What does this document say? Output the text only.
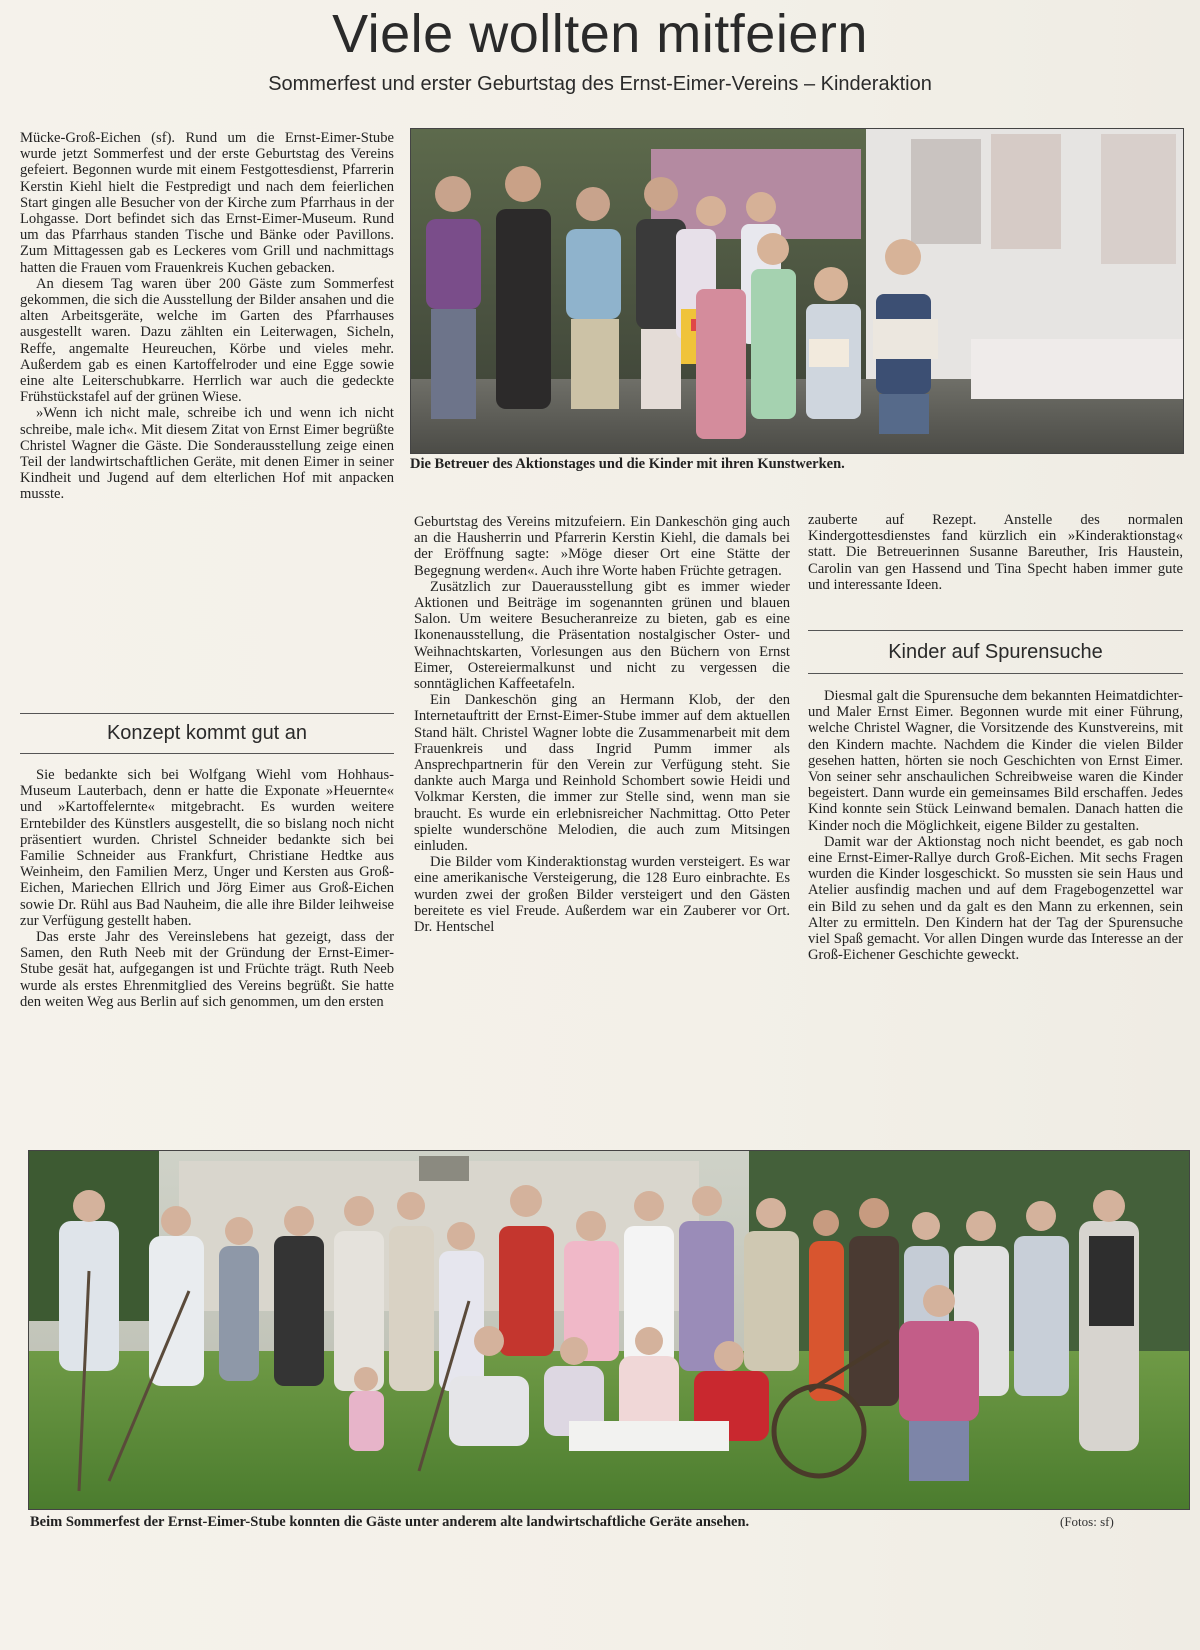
Viele wollten mitfeiern
Sommerfest und erster Geburtstag des Ernst-Eimer-Vereins – Kinderaktion

Mücke-Groß-Eichen (sf). Rund um die Ernst-Eimer-Stube wurde jetzt Sommerfest und der erste Geburtstag des Vereins gefeiert. Begonnen wurde mit einem Festgottesdienst, Pfarrerin Kerstin Kiehl hielt die Festpredigt und nach dem feierlichen Start gingen alle Besucher von der Kirche zum Pfarrhaus in der Lohgasse. Dort befindet sich das Ernst-Eimer-Museum. Rund um das Pfarrhaus standen Tische und Bänke oder Pavillons. Zum Mittagessen gab es Leckeres vom Grill und nachmittags hatten die Frauen vom Frauenkreis Kuchen gebacken.

An diesem Tag waren über 200 Gäste zum Sommerfest gekommen, die sich die Ausstellung der Bilder ansahen und die alten Arbeitsgeräte, welche im Garten des Pfarrhauses ausgestellt waren. Dazu zählten ein Leiterwagen, Sicheln, Reffe, angemalte Heureuchen, Körbe und vieles mehr. Außerdem gab es einen Kartoffelroder und eine Egge sowie eine alte Leiterschubkarre. Herrlich war auch die gedeckte Frühstückstafel auf der grünen Wiese.

»Wenn ich nicht male, schreibe ich und wenn ich nicht schreibe, male ich«. Mit diesem Zitat von Ernst Eimer begrüßte Christel Wagner die Gäste. Die Sonderausstellung zeige einen Teil der landwirtschaftlichen Geräte, mit denen Eimer in seiner Kindheit und Jugend auf dem elterlichen Hof mit anpacken musste.

Konzept kommt gut an

Sie bedankte sich bei Wolfgang Wiehl vom Hohhaus-Museum Lauterbach, denn er hatte die Exponate »Heuernte« und »Kartoffelernte« mitgebracht. Es wurden weitere Erntebilder des Künstlers ausgestellt, die so bislang noch nicht präsentiert wurden. Christel Schneider bedankte sich bei Familie Schneider aus Frankfurt, Christiane Hedtke aus Weinheim, den Familien Merz, Unger und Kersten aus Groß-Eichen, Mariechen Ellrich und Jörg Eimer aus Groß-Eichen sowie Dr. Rühl aus Bad Nauheim, die alle ihre Bilder leihweise zur Verfügung gestellt haben.

Das erste Jahr des Vereinslebens hat gezeigt, dass der Samen, den Ruth Neeb mit der Gründung der Ernst-Eimer-Stube gesät hat, aufgegangen ist und Früchte trägt. Ruth Neeb wurde als erstes Ehrenmitglied des Vereins begrüßt. Sie hatte den weiten Weg aus Berlin auf sich genommen, um den ersten

Die Betreuer des Aktionstages und die Kinder mit ihren Kunstwerken.

Geburtstag des Vereins mitzufeiern. Ein Dankeschön ging auch an die Hausherrin und Pfarrerin Kerstin Kiehl, die damals bei der Eröffnung sagte: »Möge dieser Ort eine Stätte der Begegnung werden«. Auch ihre Worte haben Früchte getragen.

Zusätzlich zur Dauerausstellung gibt es immer wieder Aktionen und Beiträge im sogenannten grünen und blauen Salon. Um weitere Besucheranreize zu bieten, gab es eine Ikonenausstellung, die Präsentation nostalgischer Oster- und Weihnachtskarten, Vorlesungen aus den Büchern von Ernst Eimer, Ostereiermalkunst und nicht zu vergessen die sonntäglichen Kaffeetafeln.

Ein Dankeschön ging an Hermann Klob, der den Internetauftritt der Ernst-Eimer-Stube immer auf dem aktuellen Stand hält. Christel Wagner lobte die Zusammenarbeit mit dem Frauenkreis und dass Ingrid Pumm immer als Ansprechpartnerin für den Verein zur Verfügung steht. Sie dankte auch Marga und Reinhold Schombert sowie Heidi und Volkmar Kersten, die immer zur Stelle sind, wenn man sie braucht. Es wurde ein erlebnisreicher Nachmittag. Otto Peter spielte wunderschöne Melodien, die auch zum Mitsingen einluden.

Die Bilder vom Kinderaktionstag wurden versteigert. Es war eine amerikanische Versteigerung, die 128 Euro einbrachte. Es wurden zwei der großen Bilder versteigert und den Gästen bereitete es viel Freude. Außerdem war ein Zauberer vor Ort. Dr. Hentschel

zauberte auf Rezept. Anstelle des normalen Kindergottesdienstes fand kürzlich ein »Kinderaktionstag« statt. Die Betreuerinnen Susanne Bareuther, Iris Haustein, Carolin van gen Hassend und Tina Specht haben immer gute und interessante Ideen.

Kinder auf Spurensuche

Diesmal galt die Spurensuche dem bekannten Heimatdichter- und Maler Ernst Eimer. Begonnen wurde mit einer Führung, welche Christel Wagner, die Vorsitzende des Kunstvereins, mit den Kindern machte. Nachdem die Kinder die vielen Bilder gesehen hatten, hörten sie noch Geschichten von Ernst Eimer. Von seiner sehr anschaulichen Schreibweise waren die Kinder begeistert. Dann wurde ein gemeinsames Bild erschaffen. Jedes Kind konnte sein Stück Leinwand bemalen. Danach hatten die Kinder noch die Möglichkeit, eigene Bilder zu gestalten.

Damit war der Aktionstag noch nicht beendet, es gab noch eine Ernst-Eimer-Rallye durch Groß-Eichen. Mit sechs Fragen wurden die Kinder losgeschickt. So mussten sie sein Haus und Atelier ausfindig machen und auf dem Fragebogenzettel war ein Bild zu sehen und da galt es den Mann zu erkennen, sein Alter zu ermitteln. Den Kindern hat der Tag der Spurensuche viel Spaß gemacht. Vor allen Dingen wurde das Interesse an der Groß-Eichener Geschichte geweckt.

Beim Sommerfest der Ernst-Eimer-Stube konnten die Gäste unter anderem alte landwirtschaftliche Geräte ansehen.	(Fotos: sf)
